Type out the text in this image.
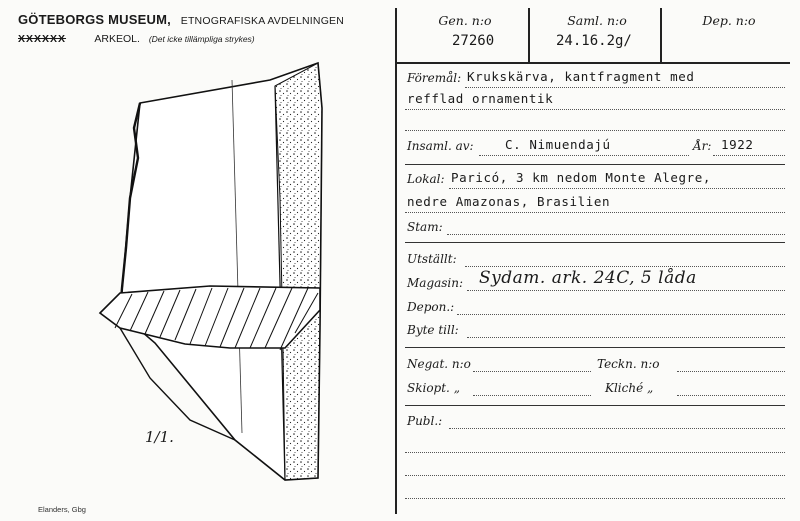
GÖTEBORGS MUSEUM, ETNOGRAFISKA AVDELNINGEN
XXXXXX	ARKEOL. (Det icke tillämpliga strykes)
1/1.
Elanders, Gbg
Gen. n:o
27260
Saml. n:o
24.16.2g/
Dep. n:o
Föremål: Krukskärva, kantfragment med
refflad ornamentik
Insaml. av:	C. Nimuendajú	År: 1922
Lokal: Paricó, 3 km nedom Monte Alegre,
nedre Amazonas, Brasilien
Stam:
Utställt:
Magasin: Sydam. ark. 24C, 5 låda
Depon.:
Byte till:
Negat. n:o	Teckn. n:o
Skiopt. „	Kliché „
Publ.:
